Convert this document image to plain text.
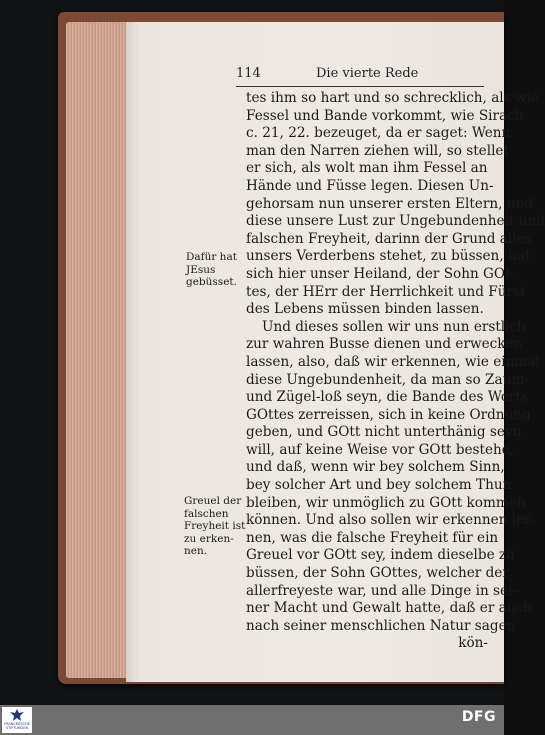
114	Die vierte Rede
tes ihm so hart und so schrecklich, als wie
Fessel und Bande vorkommt, wie Sirach
c. 21, 22. bezeuget, da er saget: Wenn
man den Narren ziehen will, so stellet
er sich, als wolt man ihm Fessel an
Hände und Füsse legen. Diesen Un-
gehorsam nun unserer ersten Eltern, und
diese unsere Lust zur Ungebundenheit und
falschen Freyheit, darinn der Grund alles
unsers Verderbens stehet, zu büssen, hat
sich hier unser Heiland, der Sohn GOt-
tes, der HErr der Herrlichkeit und Fürst
des Lebens müssen binden lassen.
Und dieses sollen wir uns nun erstlich
zur wahren Busse dienen und erwecken
lassen, also, daß wir erkennen, wie einmal
diese Ungebundenheit, da man so Zaum-
und Zügel-loß seyn, die Bande des Worts
GOttes zerreissen, sich in keine Ordnung
geben, und GOtt nicht unterthänig seyn
will, auf keine Weise vor GOtt bestehe,
und daß, wenn wir bey solchem Sinn,
bey solcher Art und bey solchem Thun
bleiben, wir unmöglich zu GOtt kommen
können. Und also sollen wir erkennen ler-
nen, was die falsche Freyheit für ein
Greuel vor GOtt sey, indem dieselbe zu
büssen, der Sohn GOttes, welcher der
allerfreyeste war, und alle Dinge in sei-
ner Macht und Gewalt hatte, daß er auch
nach seiner menschlichen Natur sagen
kön-
Dafür hat
JEsus
gebüsset.
Greuel der
falschen
Freyheit ist
zu erken-
nen.
FRANCKESCHE
STIFTUNGEN
DFG
